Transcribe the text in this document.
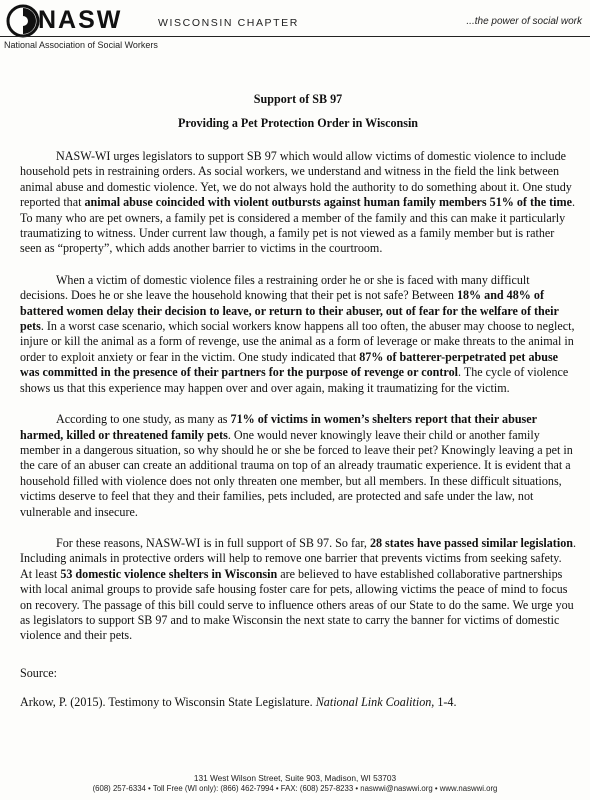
NASW	WISCONSIN CHAPTER	...the power of social work
National Association of Social Workers
Support of SB 97
Providing a Pet Protection Order in Wisconsin

NASW-WI urges legislators to support SB 97 which would allow victims of domestic violence to include household pets in restraining orders. As social workers, we understand and witness in the field the link between animal abuse and domestic violence. Yet, we do not always hold the authority to do something about it. One study reported that animal abuse coincided with violent outbursts against human family members 51% of the time. To many who are pet owners, a family pet is considered a member of the family and this can make it particularly traumatizing to witness. Under current law though, a family pet is not viewed as a family member but is rather seen as “property”, which adds another barrier to victims in the courtroom.

When a victim of domestic violence files a restraining order he or she is faced with many difficult decisions. Does he or she leave the household knowing that their pet is not safe? Between 18% and 48% of battered women delay their decision to leave, or return to their abuser, out of fear for the welfare of their pets. In a worst case scenario, which social workers know happens all too often, the abuser may choose to neglect, injure or kill the animal as a form of revenge, use the animal as a form of leverage or make threats to the animal in order to exploit anxiety or fear in the victim. One study indicated that 87% of batterer-perpetrated pet abuse was committed in the presence of their partners for the purpose of revenge or control. The cycle of violence shows us that this experience may happen over and over again, making it traumatizing for the victim.

According to one study, as many as 71% of victims in women’s shelters report that their abuser harmed, killed or threatened family pets. One would never knowingly leave their child or another family member in a dangerous situation, so why should he or she be forced to leave their pet? Knowingly leaving a pet in the care of an abuser can create an additional trauma on top of an already traumatic experience. It is evident that a household filled with violence does not only threaten one member, but all members. In these difficult situations, victims deserve to feel that they and their families, pets included, are protected and safe under the law, not vulnerable and insecure.

For these reasons, NASW-WI is in full support of SB 97. So far, 28 states have passed similar legislation. Including animals in protective orders will help to remove one barrier that prevents victims from seeking safety. At least 53 domestic violence shelters in Wisconsin are believed to have established collaborative partnerships with local animal groups to provide safe housing foster care for pets, allowing victims the peace of mind to focus on recovery. The passage of this bill could serve to influence others areas of our State to do the same. We urge you as legislators to support SB 97 and to make Wisconsin the next state to carry the banner for victims of domestic violence and their pets.

Source:

Arkow, P. (2015). Testimony to Wisconsin State Legislature. National Link Coalition, 1-4.

131 West Wilson Street, Suite 903, Madison, WI 53703
(608) 257-6334 • Toll Free (WI only): (866) 462-7994 • FAX: (608) 257-8233 • naswwi@naswwi.org • www.naswwi.org
